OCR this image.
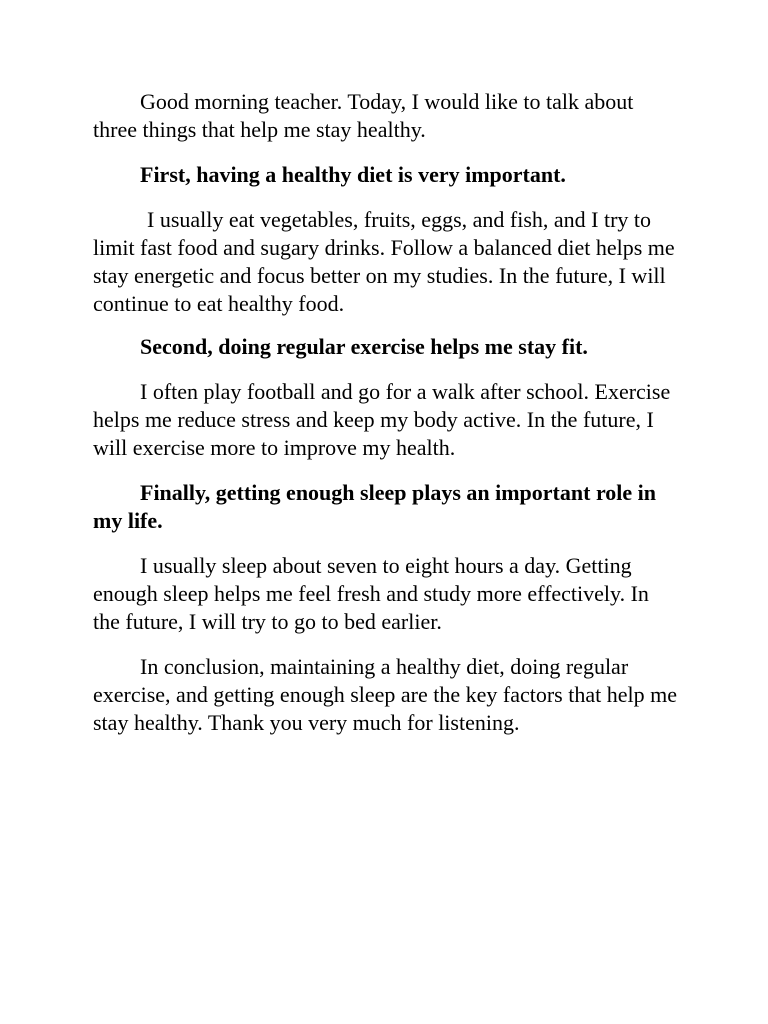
Good morning teacher. Today, I would like to talk about three things that help me stay healthy.

First, having a healthy diet is very important.

I usually eat vegetables, fruits, eggs, and fish, and I try to limit fast food and sugary drinks. Follow a balanced diet helps me stay energetic and focus better on my studies. In the future, I will continue to eat healthy food.

Second, doing regular exercise helps me stay fit.

I often play football and go for a walk after school. Exercise helps me reduce stress and keep my body active. In the future, I will exercise more to improve my health.

Finally, getting enough sleep plays an important role in my life.

I usually sleep about seven to eight hours a day. Getting enough sleep helps me feel fresh and study more effectively. In the future, I will try to go to bed earlier.

In conclusion, maintaining a healthy diet, doing regular exercise, and getting enough sleep are the key factors that help me stay healthy. Thank you very much for listening.
